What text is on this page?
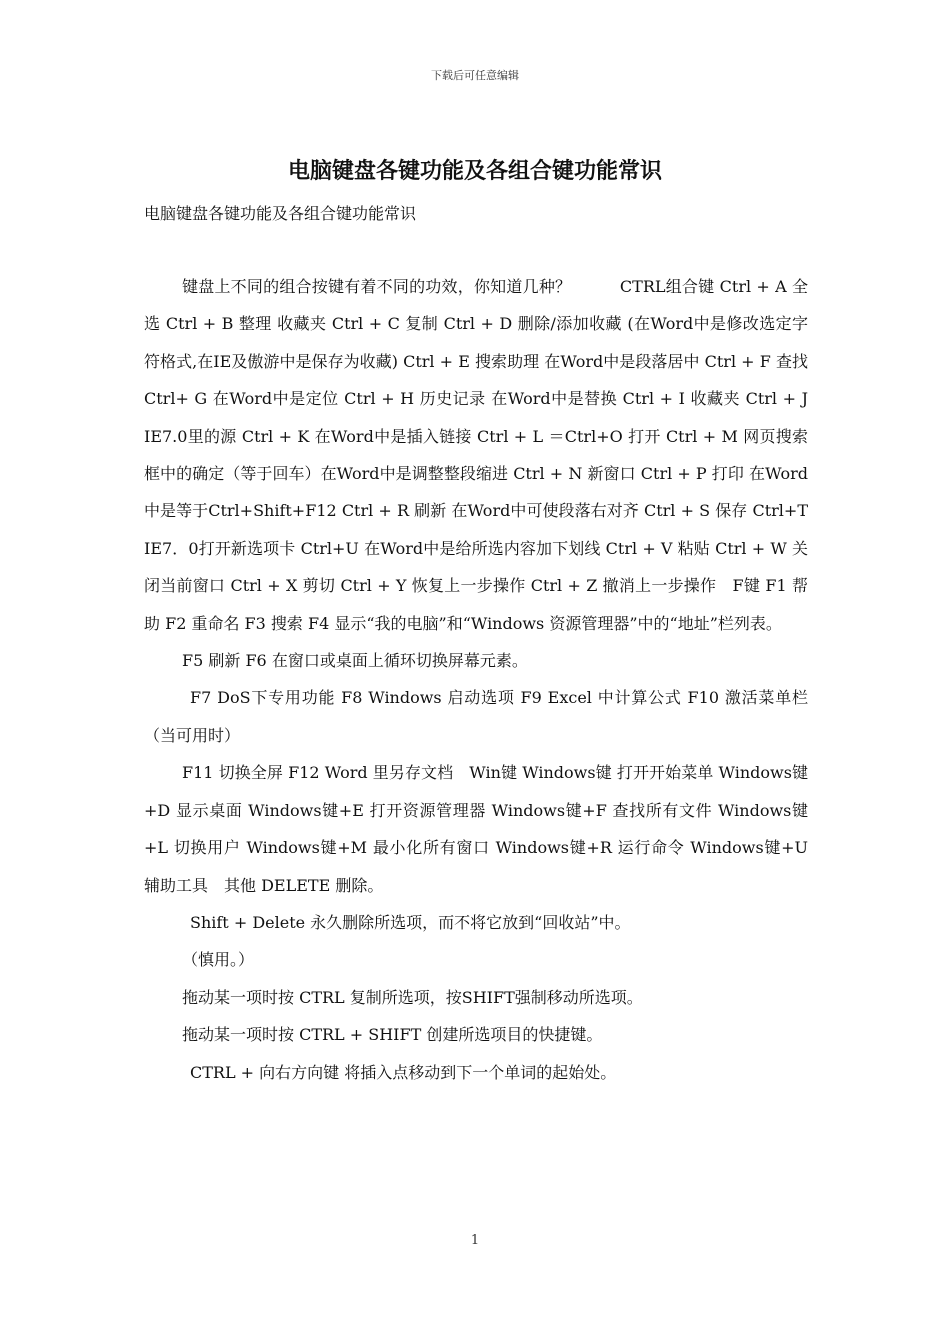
下载后可任意编辑
电脑键盘各键功能及各组合键功能常识

电脑键盘各键功能及各组合键功能常识

键盘上不同的组合按键有着不同的功效，你知道几种？　　　CTRL组合键 Ctrl + A 全选 Ctrl + B 整理 收藏夹 Ctrl + C 复制 Ctrl + D 删除/添加收藏 (在Word中是修改选定字符格式,在IE及傲游中是保存为收藏) Ctrl + E 搜索助理 在Word中是段落居中 Ctrl + F 查找 Ctrl+ G 在Word中是定位 Ctrl + H 历史记录 在Word中是替换 Ctrl + I 收藏夹 Ctrl + J IE7.0里的源 Ctrl + K 在Word中是插入链接 Ctrl + L ＝Ctrl+O 打开 Ctrl + M 网页搜索框中的确定（等于回车）在Word中是调整整段缩进 Ctrl + N 新窗口 Ctrl + P 打印 在Word中是等于Ctrl+Shift+F12 Ctrl + R 刷新 在Word中可使段落右对齐 Ctrl + S 保存 Ctrl+T IE7．0打开新选项卡 Ctrl+U 在Word中是给所选内容加下划线 Ctrl + V 粘贴 Ctrl + W 关闭当前窗口 Ctrl + X 剪切 Ctrl + Y 恢复上一步操作 Ctrl + Z 撤消上一步操作　F键 F1 帮助 F2 重命名 F3 搜索 F4 显示“我的电脑”和“Windows 资源管理器”中的“地址”栏列表。

F5 刷新 F6 在窗口或桌面上循环切换屏幕元素。

F7 DoS下专用功能 F8 Windows 启动选项 F9 Excel 中计算公式 F10 激活菜单栏（当可用时）

F11 切换全屏 F12 Word 里另存文档　Win键 Windows键 打开开始菜单 Windows键+D 显示桌面 Windows键+E 打开资源管理器 Windows键+F 查找所有文件 Windows键+L 切换用户 Windows键+M 最小化所有窗口 Windows键+R 运行命令 Windows键+U 辅助工具　其他 DELETE 删除。

Shift + Delete 永久删除所选项，而不将它放到“回收站”中。

（慎用。）

拖动某一项时按 CTRL 复制所选项，按SHIFT强制移动所选项。

拖动某一项时按 CTRL + SHIFT 创建所选项目的快捷键。

CTRL + 向右方向键 将插入点移动到下一个单词的起始处。

1
